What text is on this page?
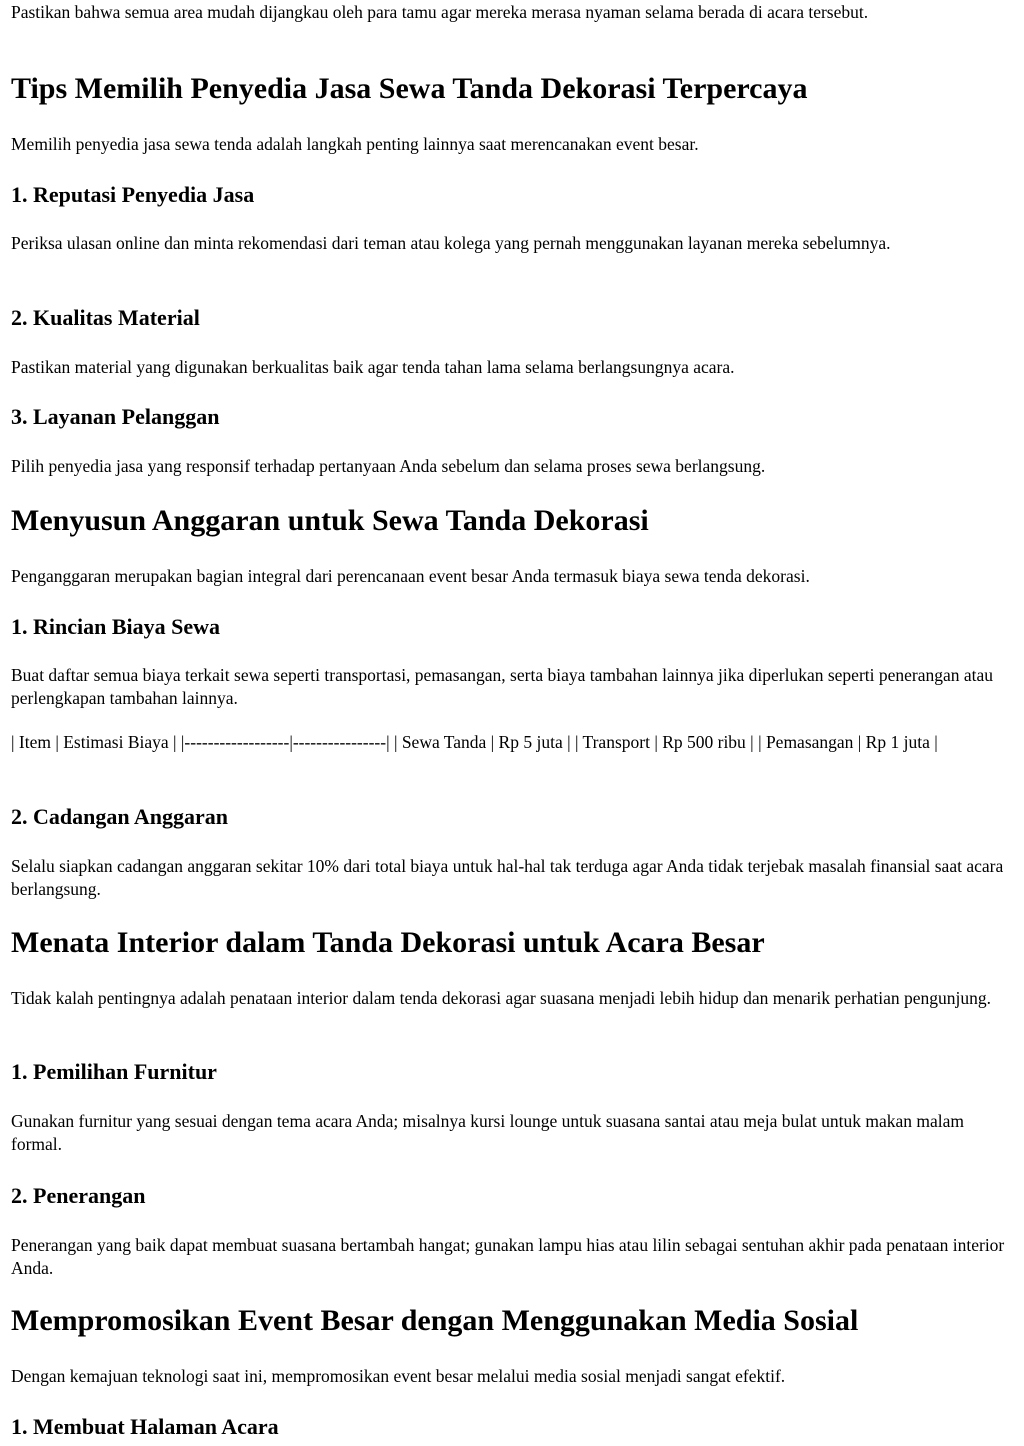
Pastikan bahwa semua area mudah dijangkau oleh para tamu agar mereka merasa nyaman selama berada di acara tersebut.

Tips Memilih Penyedia Jasa Sewa Tanda Dekorasi Terpercaya

Memilih penyedia jasa sewa tenda adalah langkah penting lainnya saat merencanakan event besar.

1. Reputasi Penyedia Jasa

Periksa ulasan online dan minta rekomendasi dari teman atau kolega yang pernah menggunakan layanan mereka sebelumnya.

2. Kualitas Material

Pastikan material yang digunakan berkualitas baik agar tenda tahan lama selama berlangsungnya acara.

3. Layanan Pelanggan

Pilih penyedia jasa yang responsif terhadap pertanyaan Anda sebelum dan selama proses sewa berlangsung.

Menyusun Anggaran untuk Sewa Tanda Dekorasi

Penganggaran merupakan bagian integral dari perencanaan event besar Anda termasuk biaya sewa tenda dekorasi.

1. Rincian Biaya Sewa

Buat daftar semua biaya terkait sewa seperti transportasi, pemasangan, serta biaya tambahan lainnya jika diperlukan seperti penerangan atau perlengkapan tambahan lainnya.

| Item | Estimasi Biaya | |------------------|----------------| | Sewa Tanda | Rp 5 juta | | Transport | Rp 500 ribu | | Pemasangan | Rp 1 juta |

2. Cadangan Anggaran

Selalu siapkan cadangan anggaran sekitar 10% dari total biaya untuk hal-hal tak terduga agar Anda tidak terjebak masalah finansial saat acara berlangsung.

Menata Interior dalam Tanda Dekorasi untuk Acara Besar

Tidak kalah pentingnya adalah penataan interior dalam tenda dekorasi agar suasana menjadi lebih hidup dan menarik perhatian pengunjung.

1. Pemilihan Furnitur

Gunakan furnitur yang sesuai dengan tema acara Anda; misalnya kursi lounge untuk suasana santai atau meja bulat untuk makan malam formal.

2. Penerangan

Penerangan yang baik dapat membuat suasana bertambah hangat; gunakan lampu hias atau lilin sebagai sentuhan akhir pada penataan interior Anda.

Mempromosikan Event Besar dengan Menggunakan Media Sosial

Dengan kemajuan teknologi saat ini, mempromosikan event besar melalui media sosial menjadi sangat efektif.

1. Membuat Halaman Acara
